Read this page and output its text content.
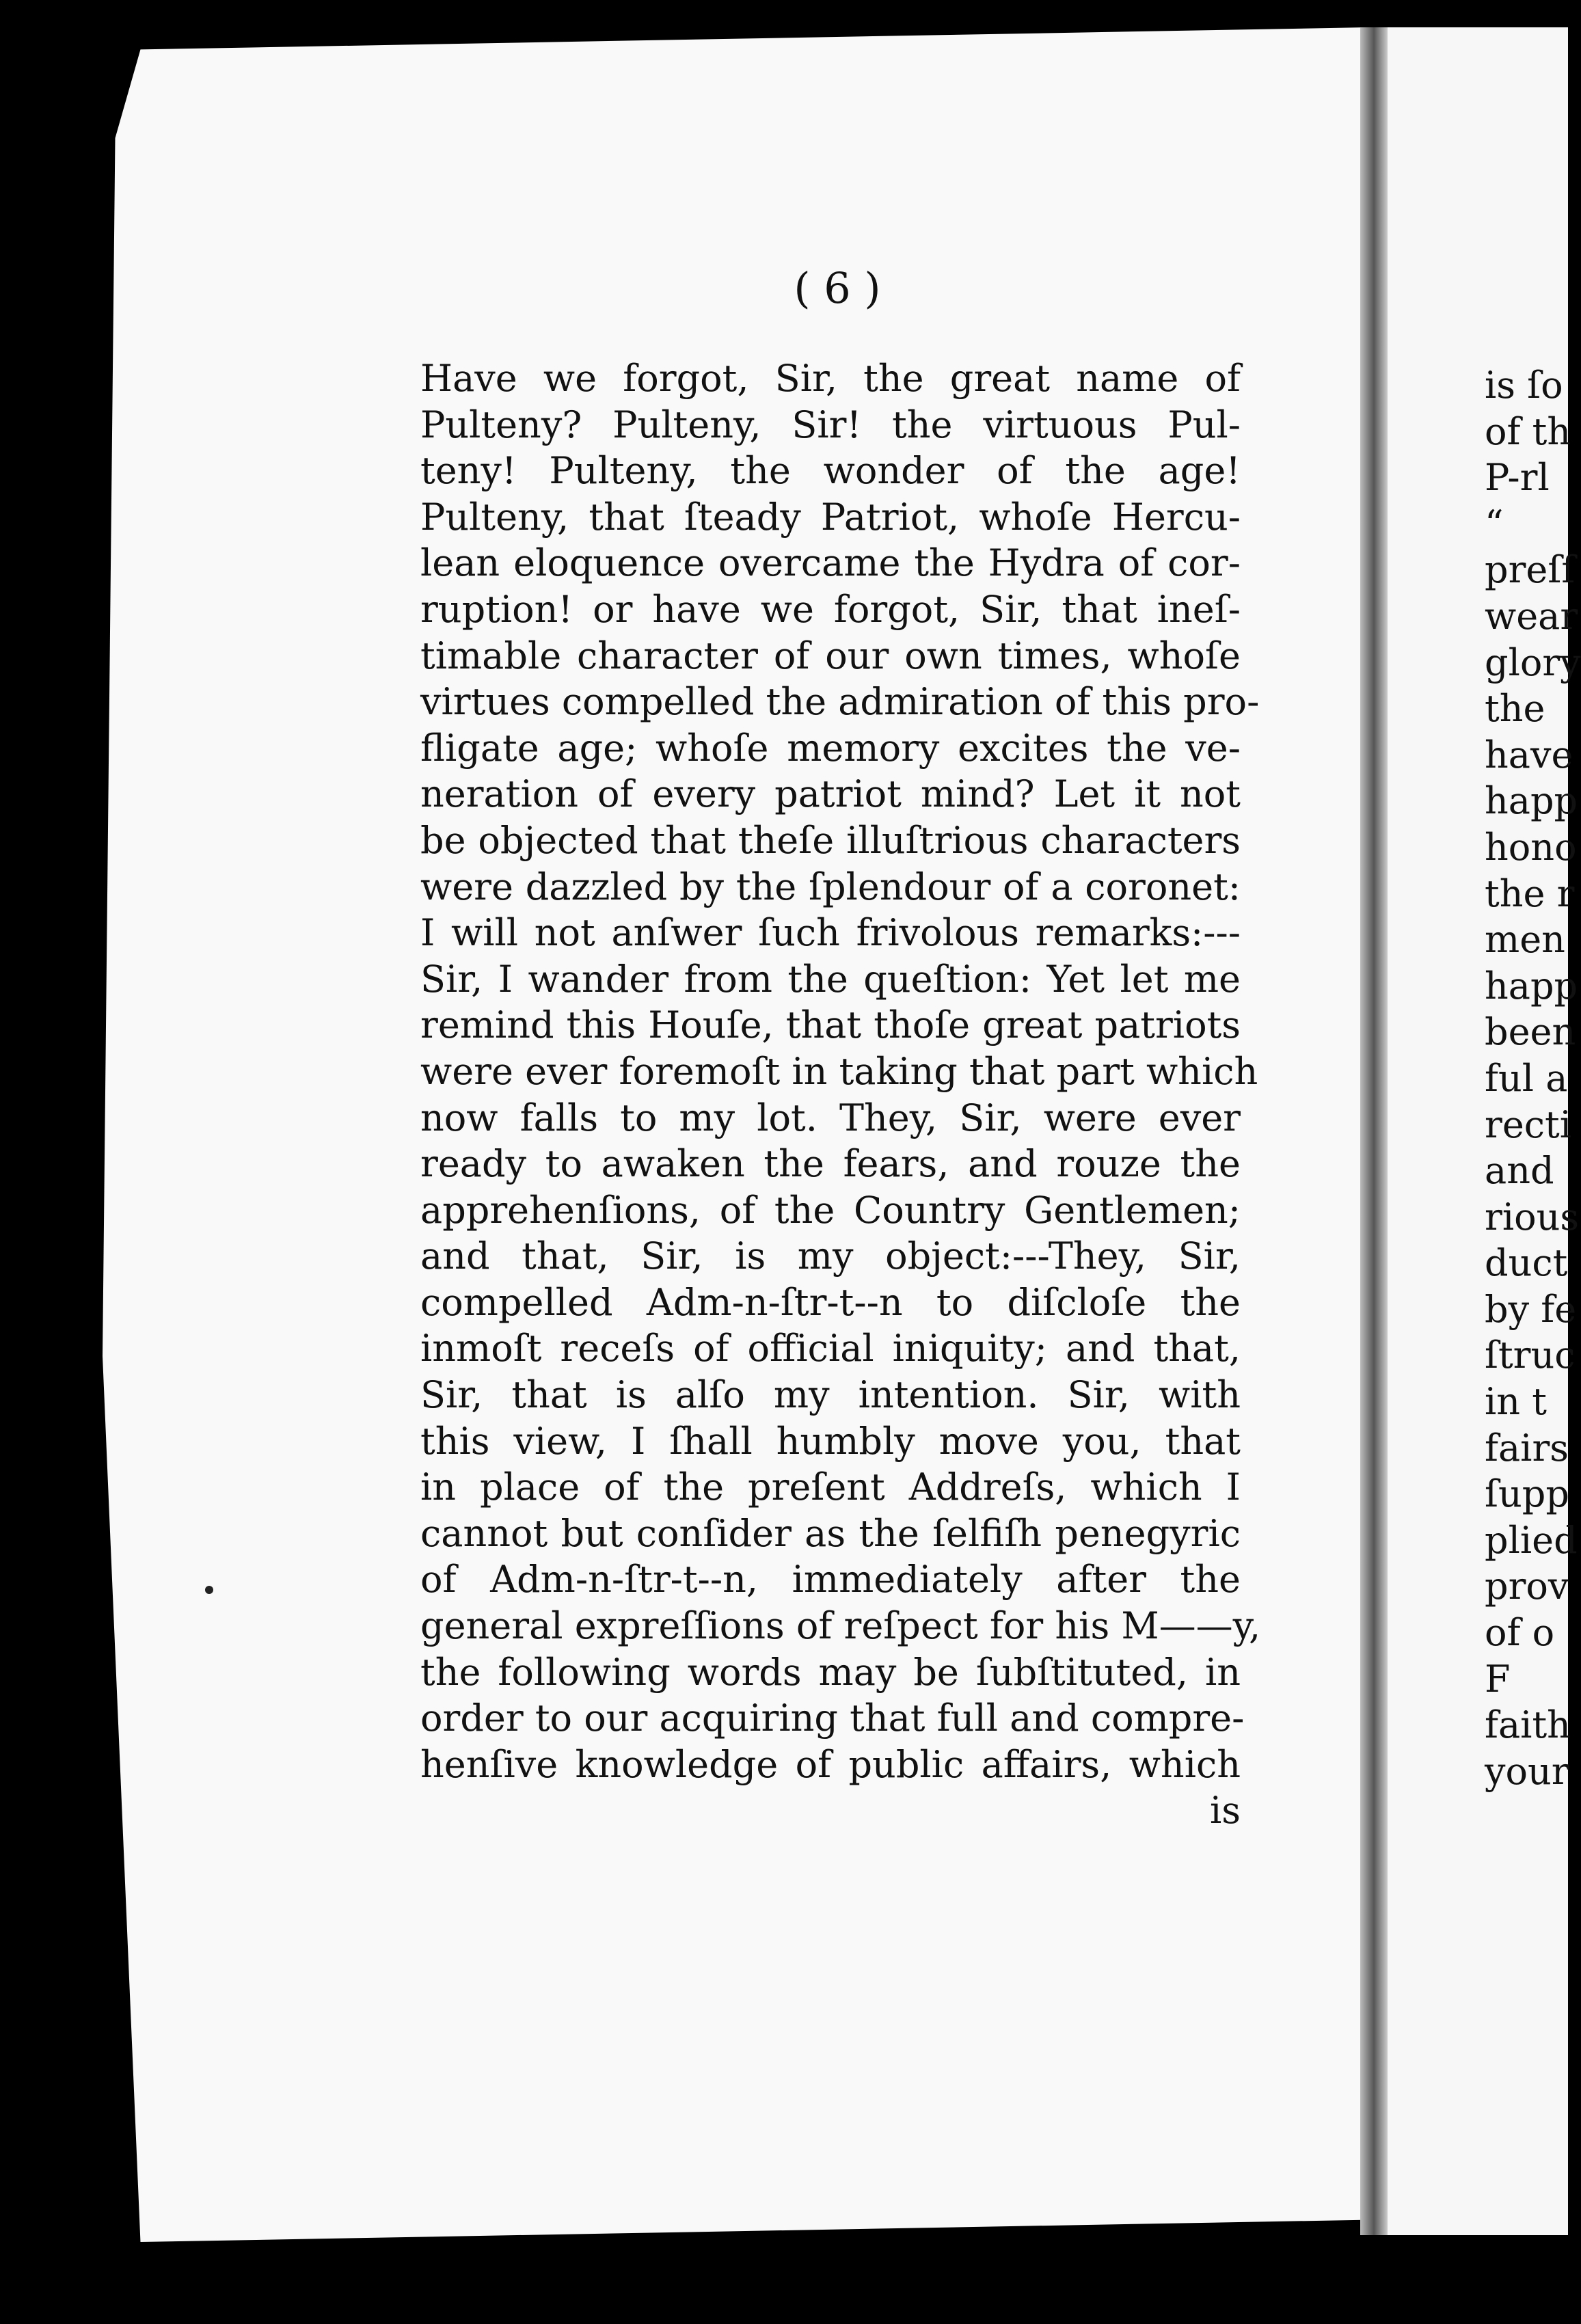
( 6 )
Have we forgot, Sir, the great name of
Pulteny? Pulteny, Sir! the virtuous Pul-
teny! Pulteny, the wonder of the age!
Pulteny, that ſteady Patriot, whoſe Hercu-
lean eloquence overcame the Hydra of cor-
ruption! or have we forgot, Sir, that ineſ-
timable character of our own times, whoſe
virtues compelled the admiration of this pro-
fligate age; whoſe memory excites the ve-
neration of every patriot mind? Let it not
be objected that theſe illuſtrious characters
were dazzled by the ſplendour of a coronet:
I will not anſwer ſuch frivolous remarks:---
Sir, I wander from the queſtion: Yet let me
remind this Houſe, that thoſe great patriots
were ever foremoſt in taking that part which
now falls to my lot. They, Sir, were ever
ready to awaken the fears, and rouze the
apprehenſions, of the Country Gentlemen;
and that, Sir, is my object:---They, Sir,
compelled Adm-n-ſtr-t--n to diſcloſe the
inmoſt receſs of official iniquity; and that,
Sir, that is alſo my intention. Sir, with
this view, I ſhall humbly move you, that
in place of the preſent Addreſs, which I
cannot but conſider as the ſelfiſh penegyric
of Adm-n-ſtr-t--n, immediately after the
general expreſſions of reſpect for his M——y,
the following words may be ſubſtituted, in
order to our acquiring that full and compre-
henſive knowledge of public affairs, which
is
is ſo
of th
P-rl
“
preſſ
wear
glory
the
have
happ
hono
the r
men
happ
been
ful a
recti
and
rious
duct
by fe
ſtruc
in t
fairs
ſupp
plied
prov
of o
F
faith
your
